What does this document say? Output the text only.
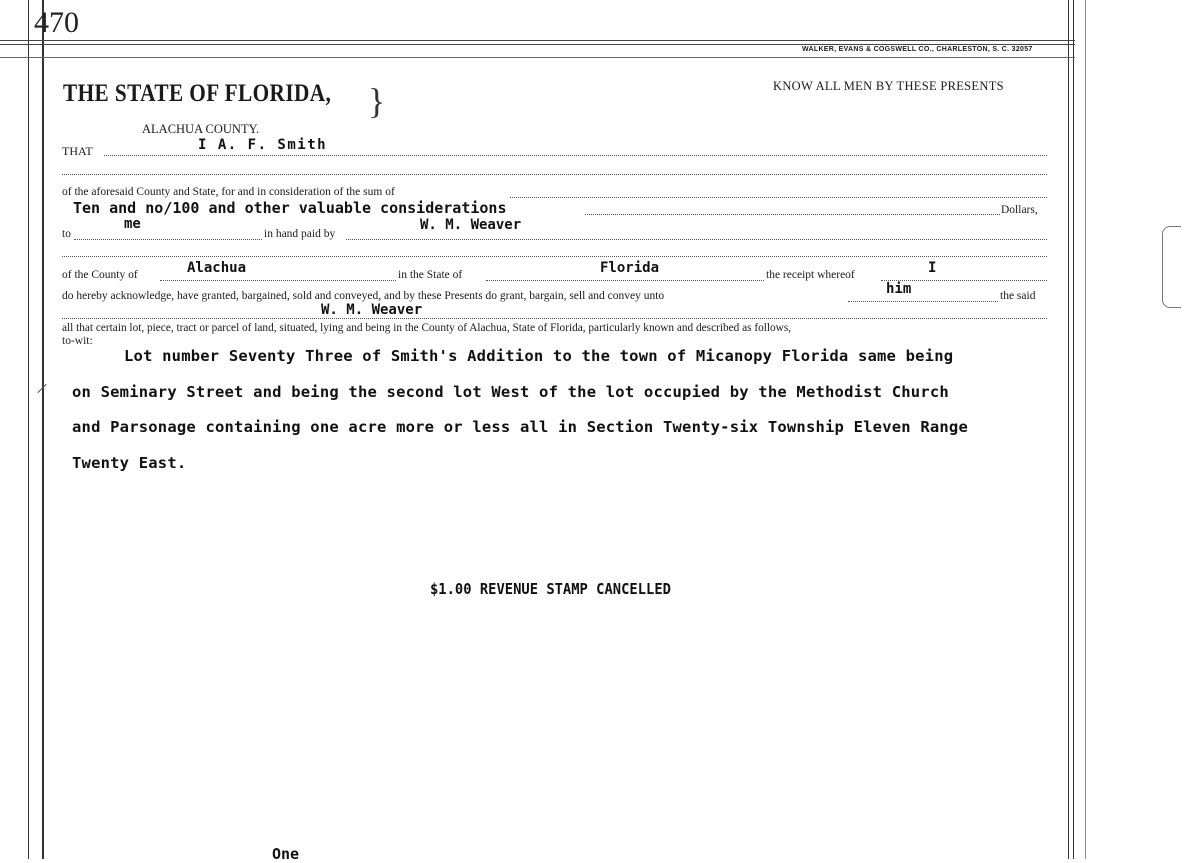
470
WALKER, EVANS & COGSWELL CO., CHARLESTON, S. C. 32057
THE STATE OF FLORIDA, }
ALACHUA COUNTY.
KNOW ALL MEN BY THESE PRESENTS
THAT	I A. F. Smith
of the aforesaid County and State, for and in consideration of the sum of
Ten and no/100 and other valuable considerations	Dollars,
to
me
in hand paid by
W. M. Weaver
of the County of	Alachua	in the State of	Florida	the receipt whereof	I
do hereby acknowledge, have granted, bargained, sold and conveyed, and by these Presents do grant, bargain, sell and convey unto	him	the said
W. M. Weaver
all that certain lot, piece, tract or parcel of land, situated, lying and being in the County of Alachua, State of Florida, particularly known and described as follows,
to-wit:
Lot number Seventy Three of Smith's Addition to the town of Micanopy Florida same being
on Seminary Street and being the second lot West of the lot occupied by the Methodist Church
and Parsonage containing one acre more or less all in Section Twenty-six Township Eleven Range
Twenty East.
$1.00 REVENUE STAMP CANCELLED
One
